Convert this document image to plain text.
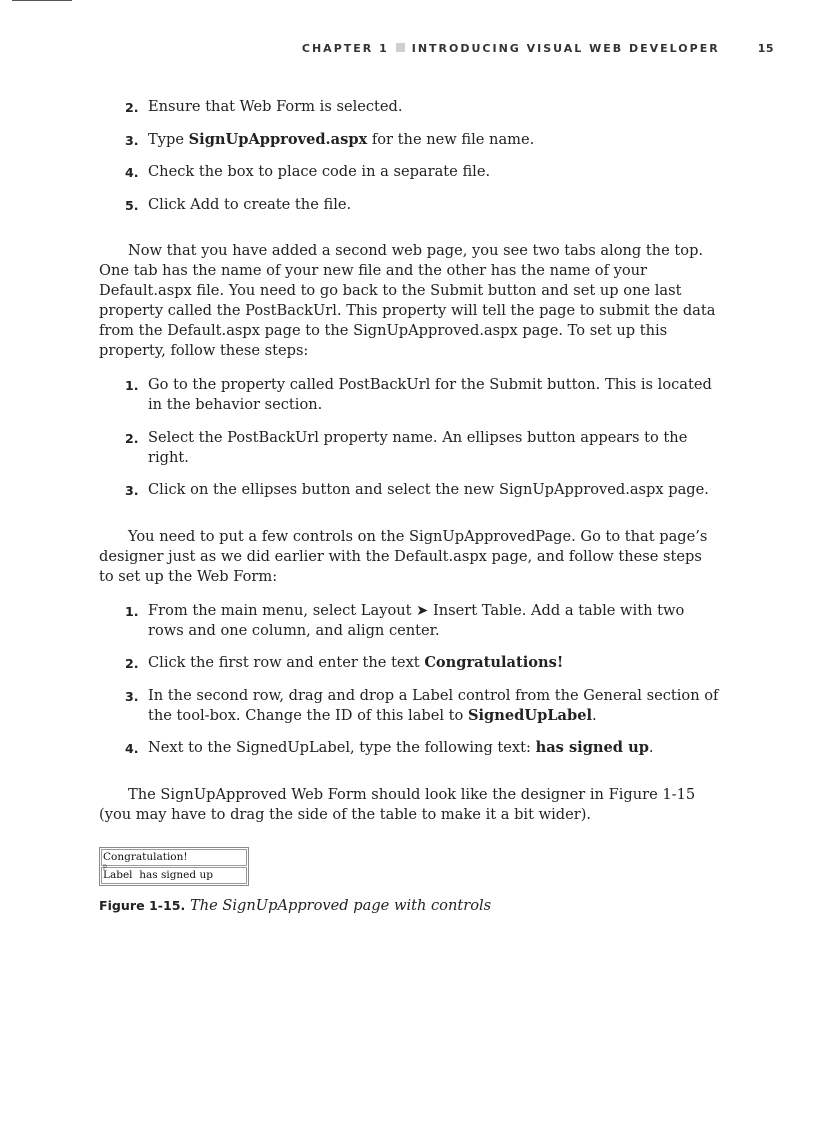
CHAPTER 1 INTRODUCING VISUAL WEB DEVELOPER	15
2. Ensure that Web Form is selected.
3. Type SignUpApproved.aspx for the new file name.
4. Check the box to place code in a separate file.
5. Click Add to create the file.

Now that you have added a second web page, you see two tabs along the top. One tab has the name of your new file and the other has the name of your Default.aspx file. You need to go back to the Submit button and set up one last property called the PostBackUrl. This property will tell the page to submit the data from the Default.aspx page to the SignUpApproved.aspx page. To set up this property, follow these steps:

1. Go to the property called PostBackUrl for the Submit button. This is located in the behavior section.
2. Select the PostBackUrl property name. An ellipses button appears to the right.
3. Click on the ellipses button and select the new SignUpApproved.aspx page.

You need to put a few controls on the SignUpApprovedPage. Go to that page’s designer just as we did earlier with the Default.aspx page, and follow these steps to set up the Web Form:

1. From the main menu, select Layout ➤ Insert Table. Add a table with two rows and one column, and align center.
2. Click the first row and enter the text Congratulations!
3. In the second row, drag and drop a Label control from the General section of the tool-box. Change the ID of this label to SignedUpLabel.
4. Next to the SignedUpLabel, type the following text: has signed up.

The SignUpApproved Web Form should look like the designer in Figure 1-15 (you may have to drag the side of the table to make it a bit wider).

Congratulation!
p
Label  has signed up
Figure 1-15. The SignUpApproved page with controls
